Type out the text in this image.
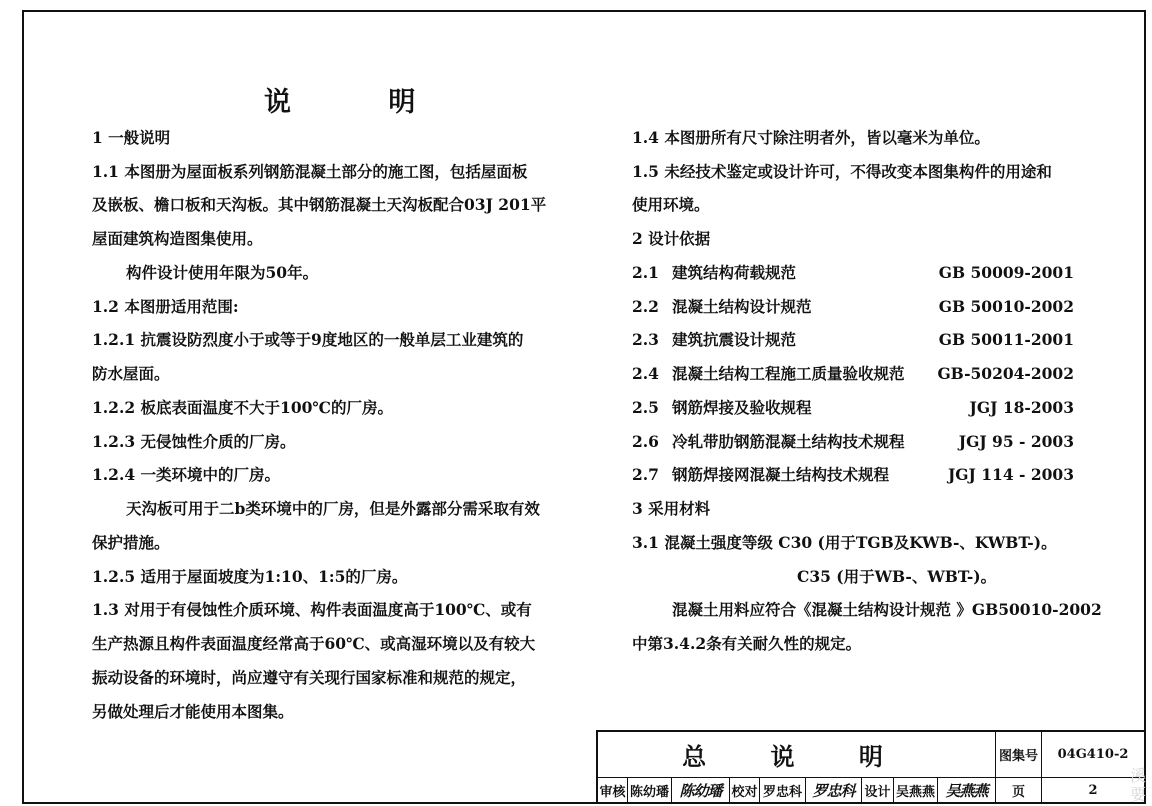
说 明
1 一般说明
1.1 本图册为屋面板系列钢筋混凝土部分的施工图，包括屋面板
及嵌板、檐口板和天沟板。其中钢筋混凝土天沟板配合03J 201平
屋面建筑构造图集使用。
构件设计使用年限为50年。
1.2 本图册适用范围:
1.2.1 抗震设防烈度小于或等于9度地区的一般单层工业建筑的
防水屋面。
1.2.2 板底表面温度不大于100℃的厂房。
1.2.3 无侵蚀性介质的厂房。
1.2.4 一类环境中的厂房。
天沟板可用于二b类环境中的厂房，但是外露部分需采取有效
保护措施。
1.2.5 适用于屋面坡度为1:10、1:5的厂房。
1.3 对用于有侵蚀性介质环境、构件表面温度高于100℃、或有
生产热源且构件表面温度经常高于60℃、或高湿环境以及有较大
振动设备的环境时，尚应遵守有关现行国家标准和规范的规定，
另做处理后才能使用本图集。
1.4 本图册所有尺寸除注明者外，皆以毫米为单位。
1.5 未经技术鉴定或设计许可，不得改变本图集构件的用途和
使用环境。
2 设计依据
2.1 建筑结构荷载规范	GB 50009-2001
2.2 混凝土结构设计规范	GB 50010-2002
2.3 建筑抗震设计规范	GB 50011-2001
2.4 混凝土结构工程施工质量验收规范 GB-50204-2002
2.5 钢筋焊接及验收规程	JGJ 18-2003
2.6 冷轧带肋钢筋混凝土结构技术规程	JGJ 95 - 2003
2.7 钢筋焊接网混凝土结构技术规程	JGJ 114 - 2003
3 采用材料
3.1 混凝土强度等级 C30 (用于TGB及KWB-、KWBT-)。
C35 (用于WB-、WBT-)。
混凝土用料应符合《混凝土结构设计规范 》GB50010-2002
中第3.4.2条有关耐久性的规定。
总 说 明	图集号	04G410-2
审核 陈幼璠 陈幼璠 校对 罗忠科 罗忠科 设计 吴燕燕 吴燕燕	页	2
溪
要
